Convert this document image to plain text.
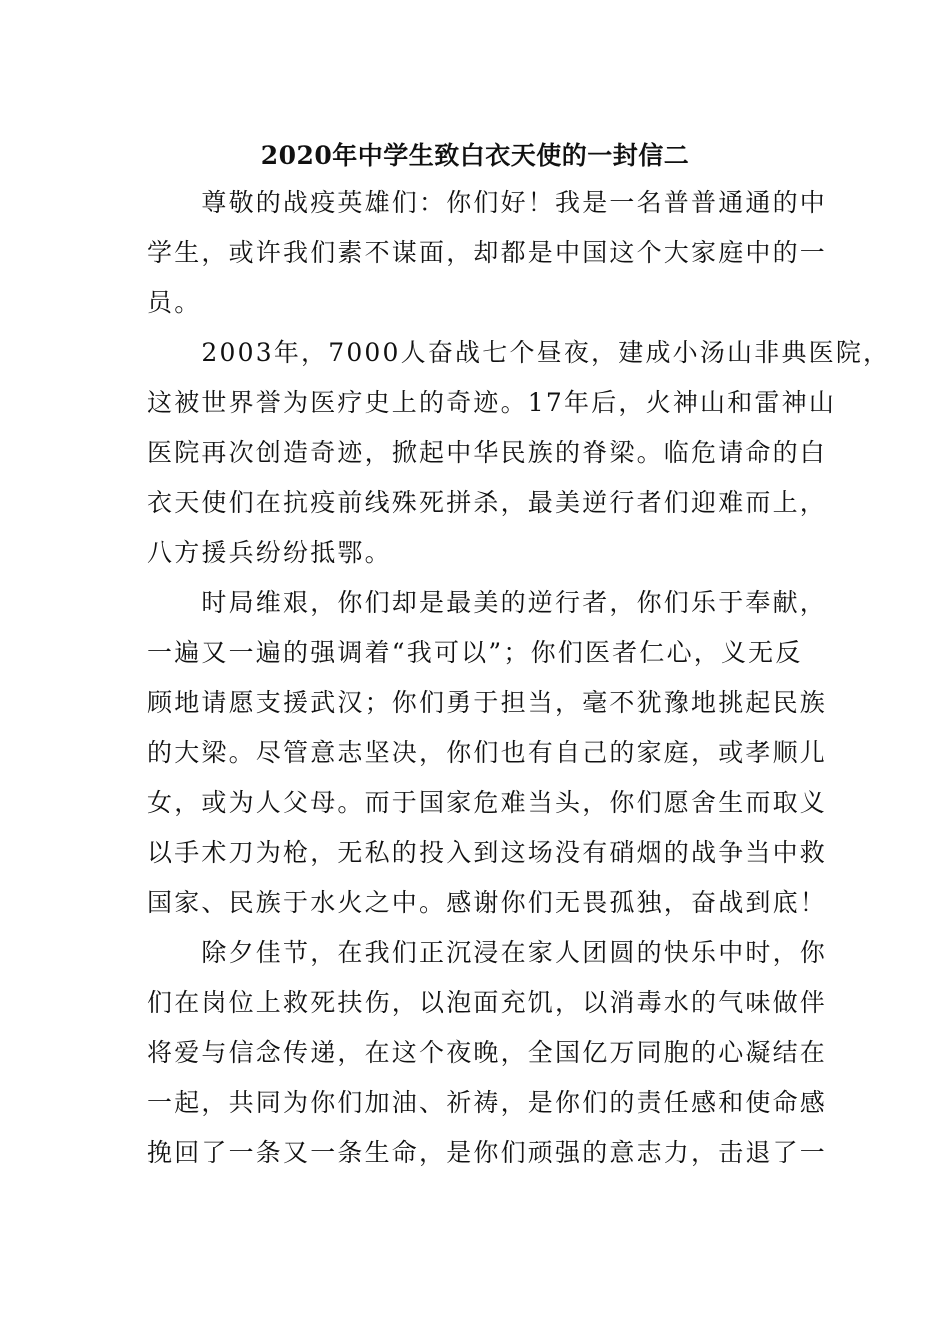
2020年中学生致白衣天使的一封信二
　　尊敬的战疫英雄们：你们好！我是一名普普通通的中
学生，或许我们素不谋面，却都是中国这个大家庭中的一
员。
　　2003年，7000人奋战七个昼夜，建成小汤山非典医院，
这被世界誉为医疗史上的奇迹。17年后，火神山和雷神山
医院再次创造奇迹，掀起中华民族的脊梁。临危请命的白
衣天使们在抗疫前线殊死拼杀，最美逆行者们迎难而上，
八方援兵纷纷抵鄂。
　　时局维艰，你们却是最美的逆行者，你们乐于奉献，
一遍又一遍的强调着“我可以”；你们医者仁心，义无反
顾地请愿支援武汉；你们勇于担当，毫不犹豫地挑起民族
的大梁。尽管意志坚决，你们也有自己的家庭，或孝顺儿
女，或为人父母。而于国家危难当头，你们愿舍生而取义
以手术刀为枪，无私的投入到这场没有硝烟的战争当中救
国家、民族于水火之中。感谢你们无畏孤独，奋战到底！
　　除夕佳节，在我们正沉浸在家人团圆的快乐中时，你
们在岗位上救死扶伤，以泡面充饥，以消毒水的气味做伴
将爱与信念传递，在这个夜晚，全国亿万同胞的心凝结在
一起，共同为你们加油、祈祷，是你们的责任感和使命感
挽回了一条又一条生命，是你们顽强的意志力，击退了一
